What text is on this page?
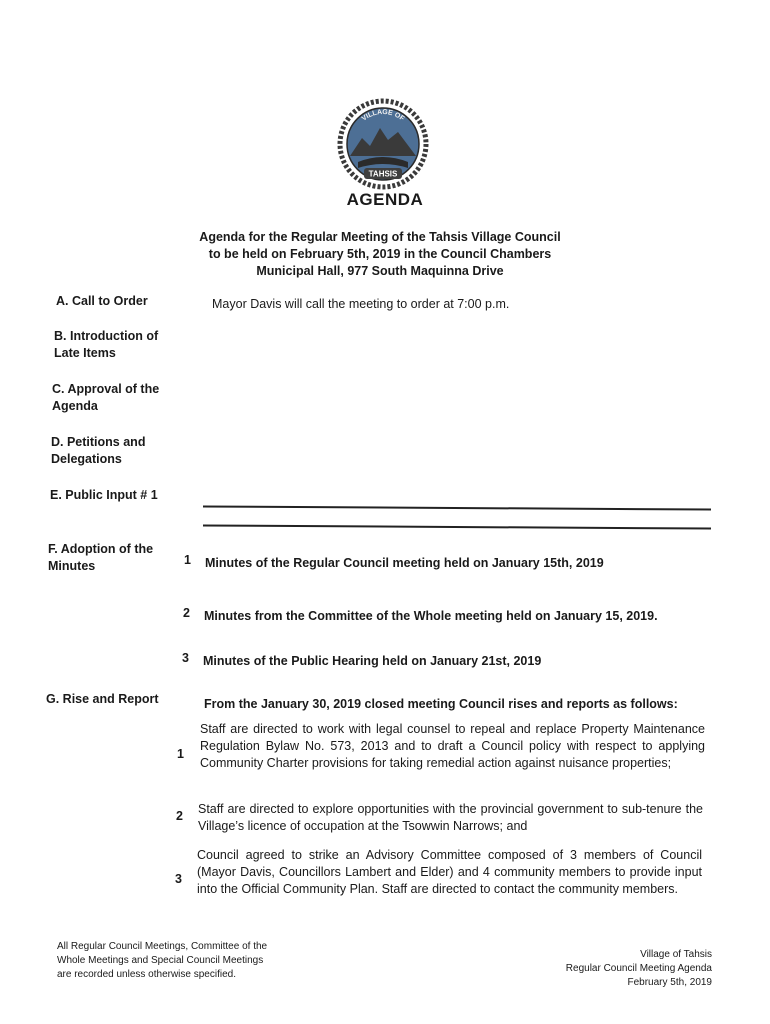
VILLAGE OF
TAHSIS
AGENDA
Agenda for the Regular Meeting of the Tahsis Village Council
to be held on February 5th, 2019 in the Council Chambers
Municipal Hall, 977 South Maquinna Drive
A. Call to Order	Mayor Davis will call the meeting to order at 7:00 p.m.
B. Introduction of
Late Items
C. Approval of the
Agenda
D. Petitions and
Delegations
E. Public Input # 1
F. Adoption of the
Minutes	1 Minutes of the Regular Council meeting held on January 15th, 2019
2 Minutes from the Committee of the Whole meeting held on January 15, 2019.
3 Minutes of the Public Hearing held on January 21st, 2019
G. Rise and Report	From the January 30, 2019 closed meeting Council rises and reports as follows:
1
Staff are directed to work with legal counsel to repeal and replace Property Maintenance Regulation Bylaw No. 573, 2013 and to draft a Council policy with respect to applying Community Charter provisions for taking remedial action against nuisance properties;
2 Staff are directed to explore opportunities with the provincial government to sub-tenure the Village’s licence of occupation at the Tsowwin Narrows; and
3
Council agreed to strike an Advisory Committee composed of 3 members of Council (Mayor Davis, Councillors Lambert and Elder) and 4 community members to provide input into the Official Community Plan. Staff are directed to contact the community members.
All Regular Council Meetings, Committee of the
Whole Meetings and Special Council Meetings
are recorded unless otherwise specified.
Village of Tahsis
Regular Council Meeting Agenda
February 5th, 2019
